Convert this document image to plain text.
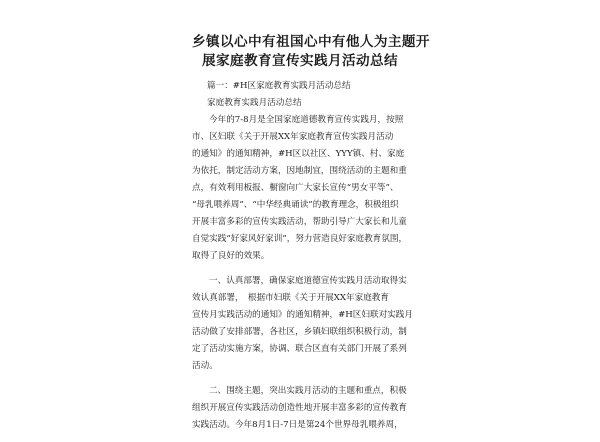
乡镇以心中有祖国心中有他人为主题开
展家庭教育宣传实践月活动总结

篇一：#H区家庭教育实践月活动总结

家庭教育实践月活动总结

今年的7-8月是全国家庭道德教育宣传实践月，按照
市、区妇联《关于开展XX年家庭教育宣传实践月活动
的通知》的通知精神，#H区以社区、YYY镇、村、家庭
为依托，制定活动方案，因地制宜，围绕活动的主题和重
点，有效利用板报、橱窗向广大家长宣传“男女平等”、
“母乳喂养周”、“中华经典诵读”的教育理念，积极组织
开展丰富多彩的宣传实践活动，帮助引导广大家长和儿童
自觉实践“好家风好家训”，努力营造良好家庭教育氛围，
取得了良好的效果。

一、认真部署，确保家庭道德宣传实践月活动取得实
效认真部署，　根据市妇联《关于开展XX年家庭教育
宣传月实践活动的通知》的通知精神，#H区妇联对实践月
活动做了安排部署，各社区，乡镇妇联组织积极行动，制
定了活动实施方案，协调、联合区直有关部门开展了系列
活动。

二、围绕主题，突出实践月活动的主题和重点，积极
组织开展宣传实践活动创造性地开展丰富多彩的宣传教育
实践活动。今年8月1日-7日是第24个世界母乳喂养周，
